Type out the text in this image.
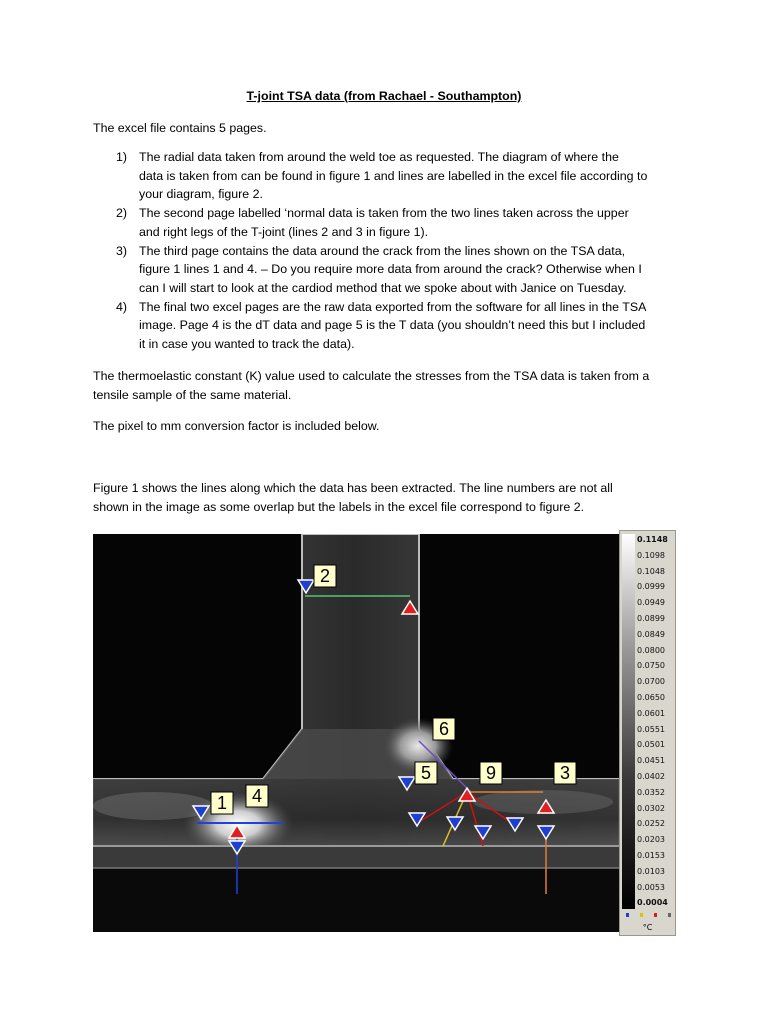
T-joint TSA data (from Rachael - Southampton)
The excel file contains 5 pages.
1) The radial data taken from around the weld toe as requested. The diagram of where the
data is taken from can be found in figure 1 and lines are labelled in the excel file according to
your diagram, figure 2.
2) The second page labelled ‘normal data is taken from the two lines taken across the upper
and right legs of the T-joint (lines 2 and 3 in figure 1).
3) The third page contains the data around the crack from the lines shown on the TSA data,
figure 1 lines 1 and 4. – Do you require more data from around the crack? Otherwise when I
can I will start to look at the cardiod method that we spoke about with Janice on Tuesday.
4) The final two excel pages are the raw data exported from the software for all lines in the TSA
image. Page 4 is the dT data and page 5 is the T data (you shouldn’t need this but I included
it in case you wanted to track the data).
The thermoelastic constant (K) value used to calculate the stresses from the TSA data is taken from a
tensile sample of the same material.
The pixel to mm conversion factor is included below.
Figure 1 shows the lines along which the data has been extracted. The line numbers are not all
shown in the image as some overlap but the labels in the excel file correspond to figure 2.
2
6
5	9	3
1 4
0.1148
0.1098
0.1048
0.0999
0.0949
0.0899
0.0849
0.0800
0.0750
0.0700
0.0650
0.0601
0.0551
0.0501
0.0451
0.0402
0.0352
0.0302
0.0252
0.0203
0.0153
0.0103
0.0053
0.0004
°C
